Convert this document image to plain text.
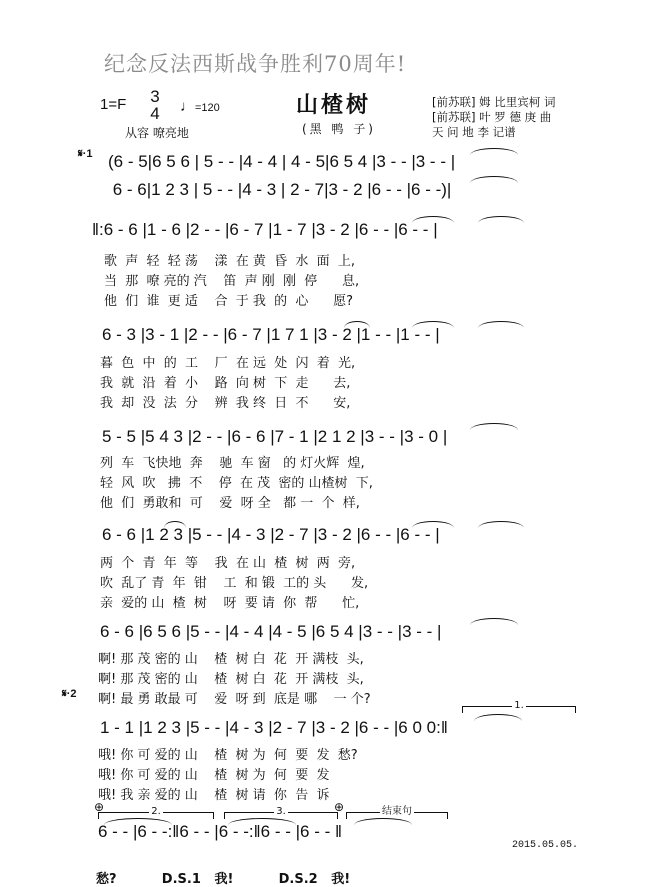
纪念反法西斯战争胜利70周年!
1=F 3
4 ♩=120
从容 嘹亮地
山楂树
(黑 鸭 子)
[前苏联] 姆 比里宾柯 词
[前苏联] 叶 罗 德 庚 曲
天 问 地 李 记谱
𝄋·1 (6 - 5|6 5 6 | 5 - - |4 - 4 | 4 - 5|6 5 4 |3 - - |3 - - |
6 - 6|1 2 3 | 5 - - |4 - 3 | 2 - 7|3 - 2 |6 - - |6 - -)|
‖:6 - 6 |1 - 6 |2 - - |6 - 7 |1 - 7 |3 - 2 |6 - - |6 - - |
歌  声  轻  轻 荡    漾  在 黄  昏  水  面  上,
当  那  嘹 亮的 汽    笛  声 刚  刚  停      息,
他  们  谁  更 适    合  于 我  的  心      愿?
6 - 3 |3 - 1 |2 - - |6 - 7 |1 7 1 |3 - 2 |1 - - |1 - - |
暮  色  中  的  工    厂  在 远  处  闪  着  光,
我  就  沿  着  小    路  向 树  下  走      去,
我  却  没  法  分    辨  我 终  日  不      安,
5 - 5 |5 4 3 |2 - - |6 - 6 |7 - 1 |2 1 2 |3 - - |3 - 0 |
列  车  飞快地  奔    驰  车 窗   的 灯火辉  煌,
轻  风  吹   拂  不    停  在 茂  密的 山楂树  下,
他  们  勇敢和  可    爱  呀 全   都 一  个  样,
6 - 6 |1 2 3 |5 - - |4 - 3 |2 - 7 |3 - 2 |6 - - |6 - - |
两  个  青  年  等    我  在 山  楂  树  两  旁,
吹  乱了 青  年  钳    工  和 锻  工的 头      发,
亲  爱的 山  楂  树    呀  要 请  你  帮      忙,
6 - 6 |6 5 6 |5 - - |4 - 4 |4 - 5 |6 5 4 |3 - - |3 - - |
啊! 那 茂 密的 山    楂  树 白  花  开 满枝  头,
啊! 那 茂 密的 山    楂  树 白  花  开 满枝  头,
𝄋·2 啊! 最 勇 敢最 可    爱  呀 到  底是 哪    一 个?	1.
1 - 1 |1 2 3 |5 - - |4 - 3 |2 - 7 |3 - 2 |6 - - |6 0 0:‖
哦! 你 可 爱的 山    楂  树 为  何  要  发  愁?
哦! 你 可 爱的 山    楂  树 为  何  要  发
哦! 我 亲 爱的 山    楂  树 请  你  告  诉
⊕	2.	3.	⊕	结束句
6 - - |6 - -:‖6 - - |6 - -:‖6 - - |6 - - ‖
愁?          D.S.1   我!          D.S.2   我!
2015.05.05.
